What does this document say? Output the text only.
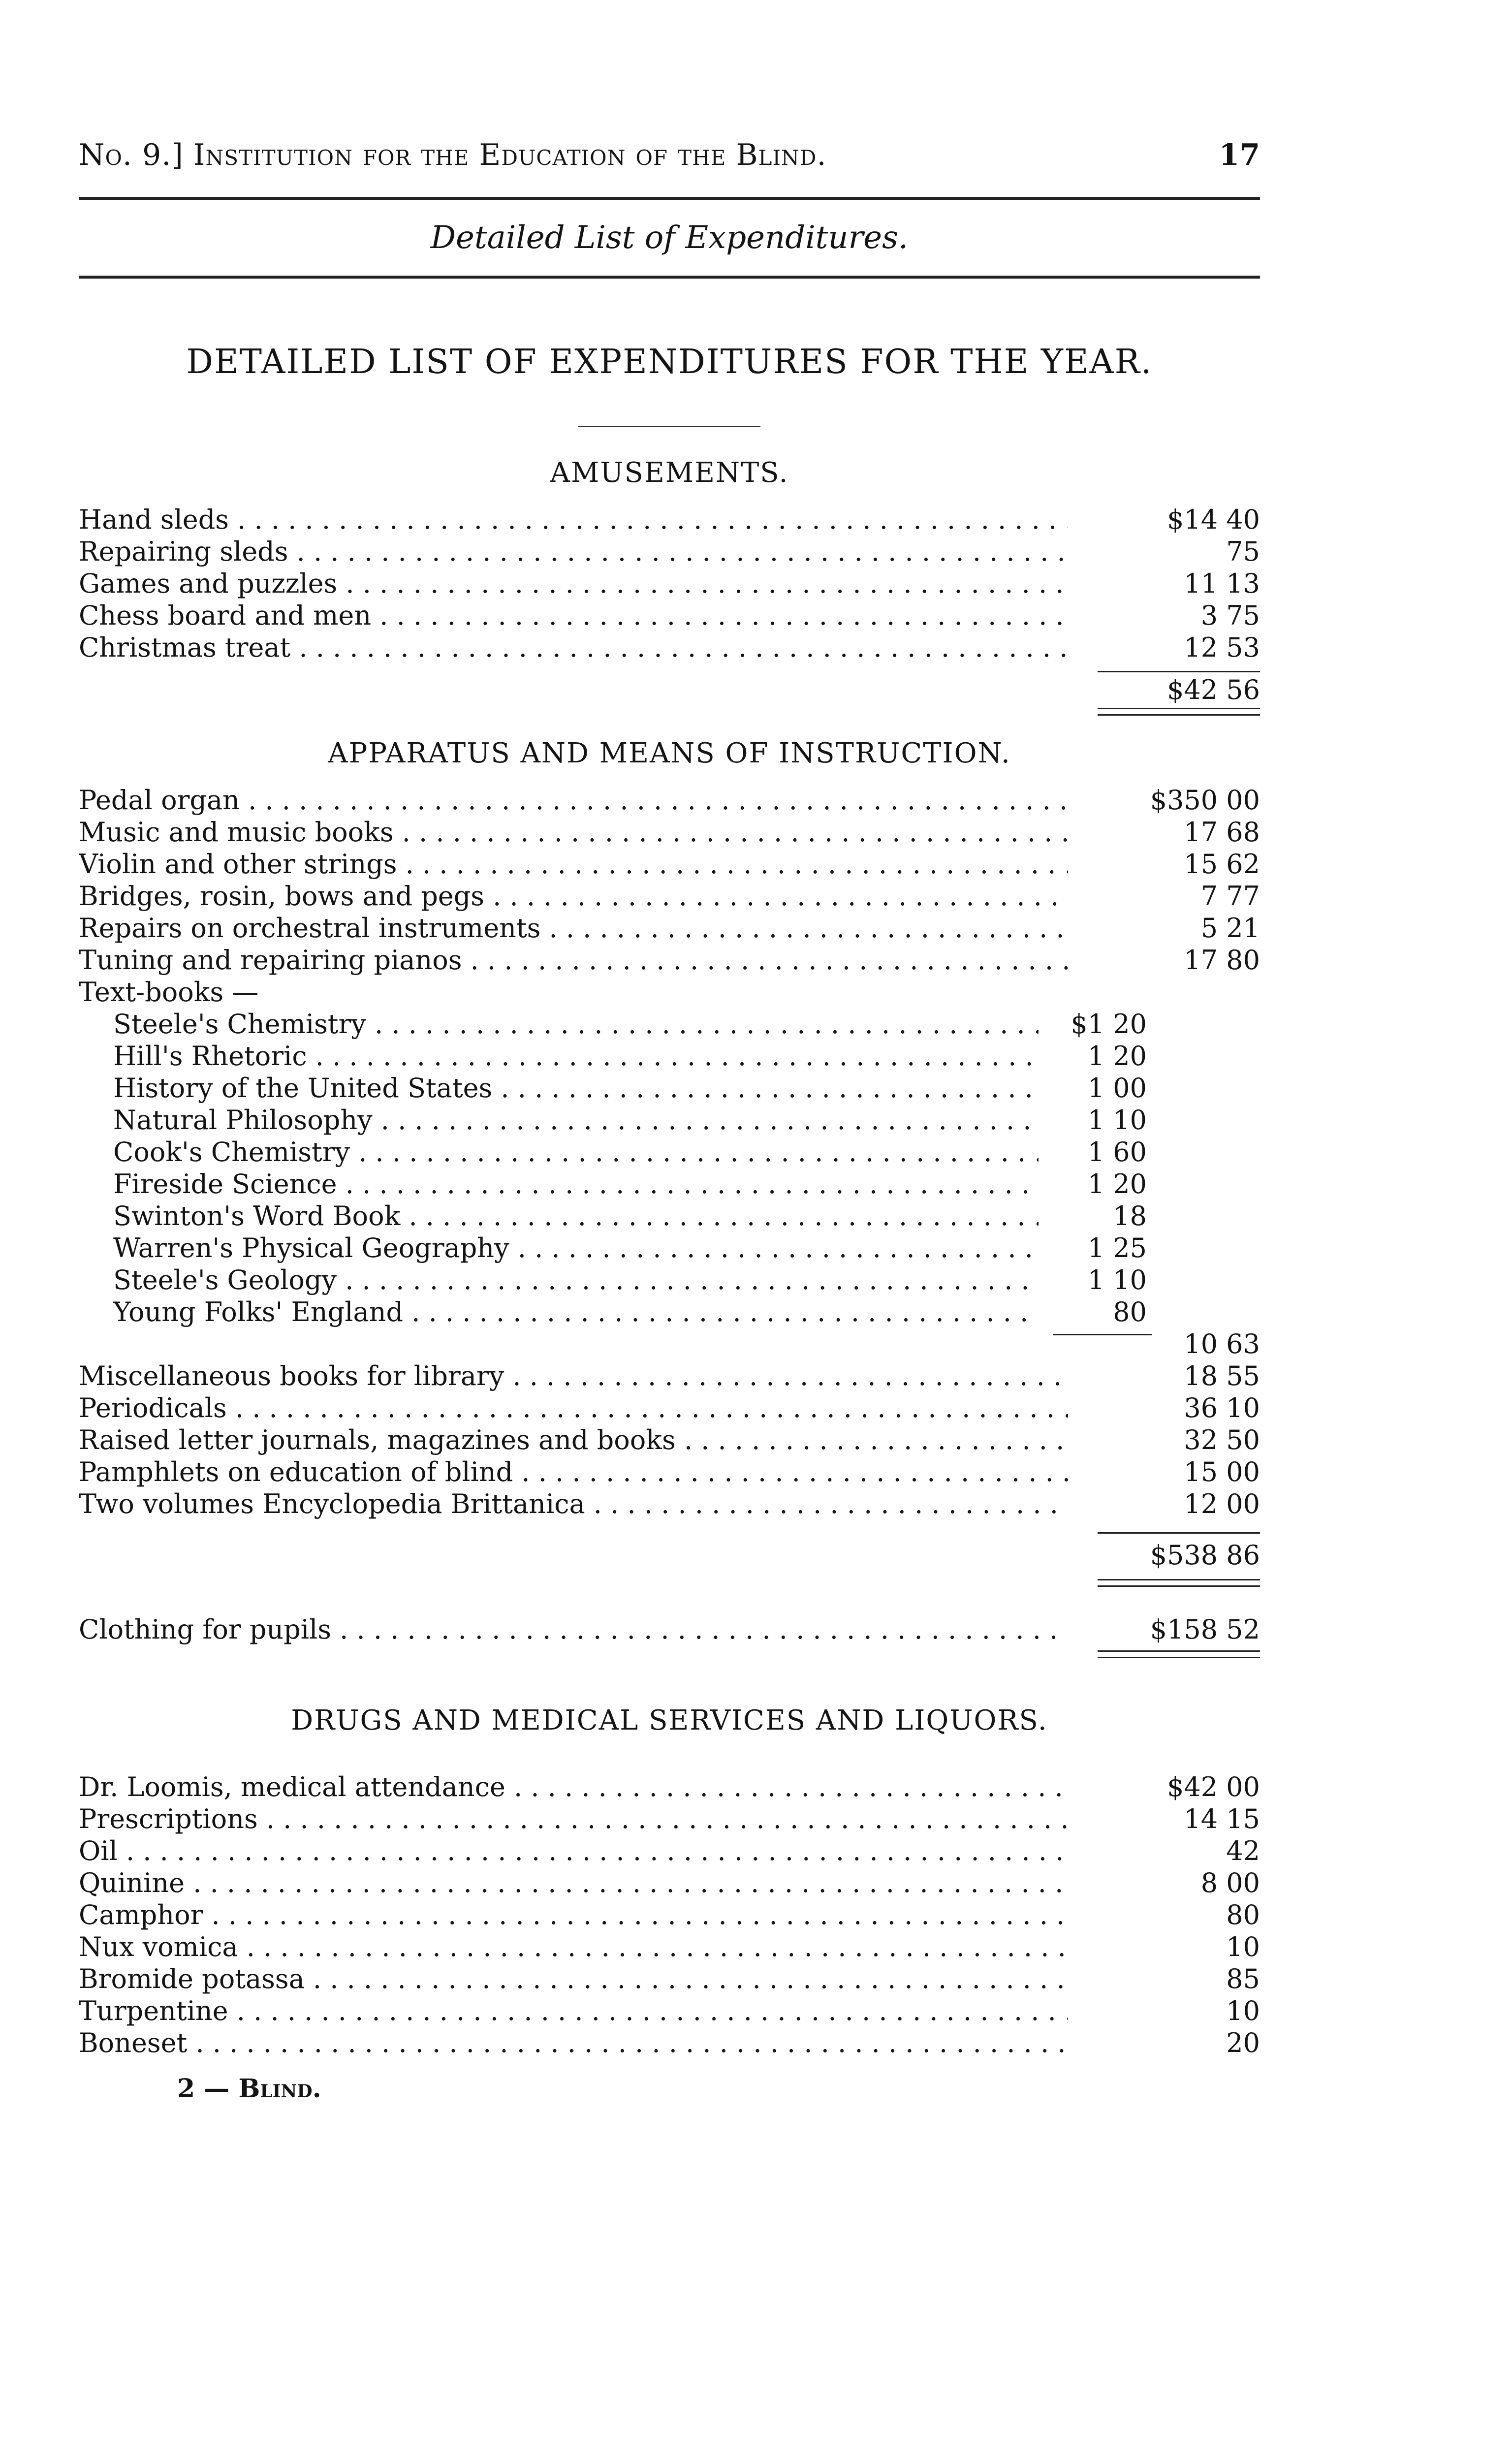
No. 9.] Institution for the Education of the Blind.	17
Detailed List of Expenditures.
DETAILED LIST OF EXPENDITURES FOR THE YEAR.
AMUSEMENTS.
Hand sleds . . .	$14 40
Repairing sleds . . .	75
Games and puzzles . . .	11 13
Chess board and men . . .	3 75
Christmas treat . . .	12 53
$42 56
APPARATUS AND MEANS OF INSTRUCTION.
Pedal organ . . .	$350 00
Music and music books . . .	17 68
Violin and other strings . . .	15 62
Bridges, rosin, bows and pegs . . .	7 77
Repairs on orchestral instruments . . .	5 21
Tuning and repairing pianos . . .	17 80
Text-books —
Steele's Chemistry . . .	$1 20
Hill's Rhetoric . . .	1 20
History of the United States . . .	1 00
Natural Philosophy . . .	1 10
Cook's Chemistry . . .	1 60
Fireside Science . . .	1 20
Swinton's Word Book . . .	18
Warren's Physical Geography . . .	1 25
Steele's Geology . . .	1 10
Young Folks' England . . .	80
10 63
Miscellaneous books for library . . .	18 55
Periodicals . . .	36 10
Raised letter journals, magazines and books . . .	32 50
Pamphlets on education of blind . . .	15 00
Two volumes Encyclopedia Brittanica . . .	12 00
$538 86
Clothing for pupils . . .	$158 52
DRUGS AND MEDICAL SERVICES AND LIQUORS.
Dr. Loomis, medical attendance . . .	$42 00
Prescriptions . . .	14 15
Oil . . .	42
Quinine . . .	8 00
Camphor . . .	80
Nux vomica . . .	10
Bromide potassa . . .	85
Turpentine . . .	10
Boneset . . .	20
2 — Blind.
